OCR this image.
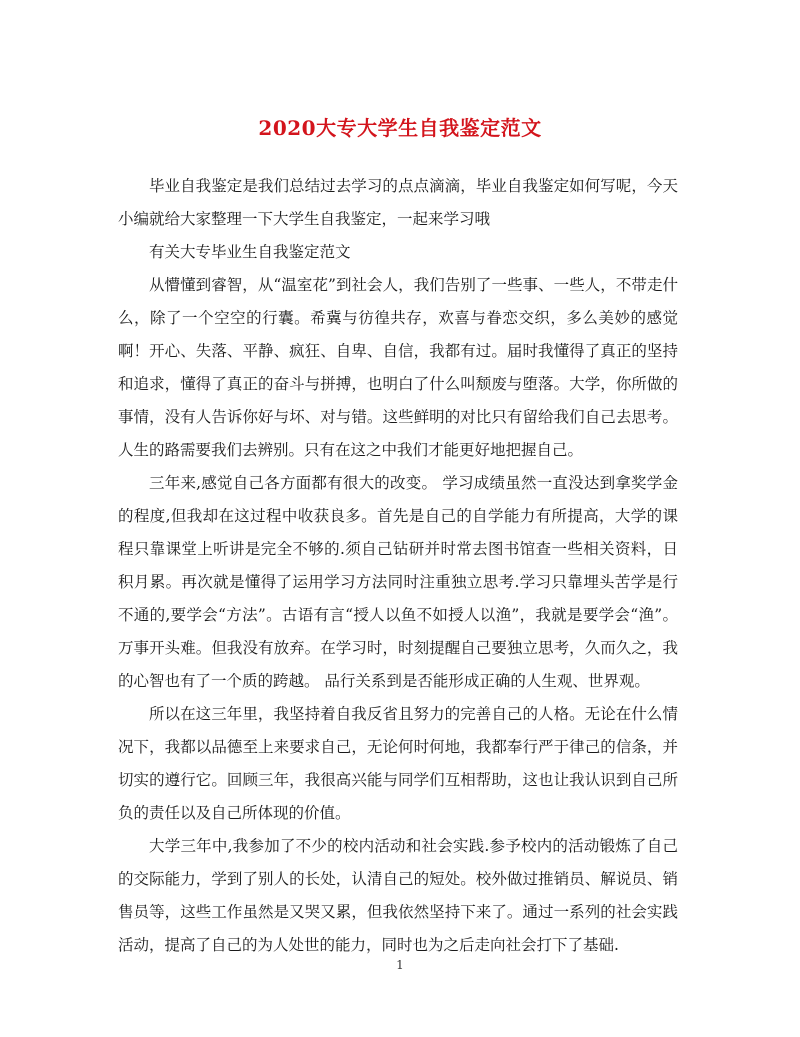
2020大专大学生自我鉴定范文

毕业自我鉴定是我们总结过去学习的点点滴滴，毕业自我鉴定如何写呢，今天小编就给大家整理一下大学生自我鉴定，一起来学习哦

有关大专毕业生自我鉴定范文

从懵懂到睿智，从“温室花”到社会人，我们告别了一些事、一些人，不带走什么，除了一个空空的行囊。希冀与彷徨共存，欢喜与眷恋交织，多么美妙的感觉啊！开心、失落、平静、疯狂、自卑、自信，我都有过。届时我懂得了真正的坚持和追求，懂得了真正的奋斗与拼搏，也明白了什么叫颓废与堕落。大学，你所做的事情，没有人告诉你好与坏、对与错。这些鲜明的对比只有留给我们自己去思考。人生的路需要我们去辨别。只有在这之中我们才能更好地把握自己。

三年来,感觉自己各方面都有很大的改变。 学习成绩虽然一直没达到拿奖学金的程度,但我却在这过程中收获良多。首先是自己的自学能力有所提高，大学的课程只靠课堂上听讲是完全不够的.须自己钻研并时常去图书馆查一些相关资料，日积月累。再次就是懂得了运用学习方法同时注重独立思考.学习只靠埋头苦学是行不通的,要学会“方法”。古语有言“授人以鱼不如授人以渔”，我就是要学会“渔”。万事开头难。但我没有放弃。在学习时，时刻提醒自己要独立思考，久而久之，我的心智也有了一个质的跨越。 品行关系到是否能形成正确的人生观、世界观。

所以在这三年里，我坚持着自我反省且努力的完善自己的人格。无论在什么情况下，我都以品德至上来要求自己，无论何时何地，我都奉行严于律己的信条，并切实的遵行它。回顾三年，我很高兴能与同学们互相帮助，这也让我认识到自己所负的责任以及自己所体现的价值。

大学三年中,我参加了不少的校内活动和社会实践.参予校内的活动锻炼了自己的交际能力，学到了别人的长处，认清自己的短处。校外做过推销员、解说员、销售员等，这些工作虽然是又哭又累，但我依然坚持下来了。通过一系列的社会实践活动，提高了自己的为人处世的能力，同时也为之后走向社会打下了基础.

1
